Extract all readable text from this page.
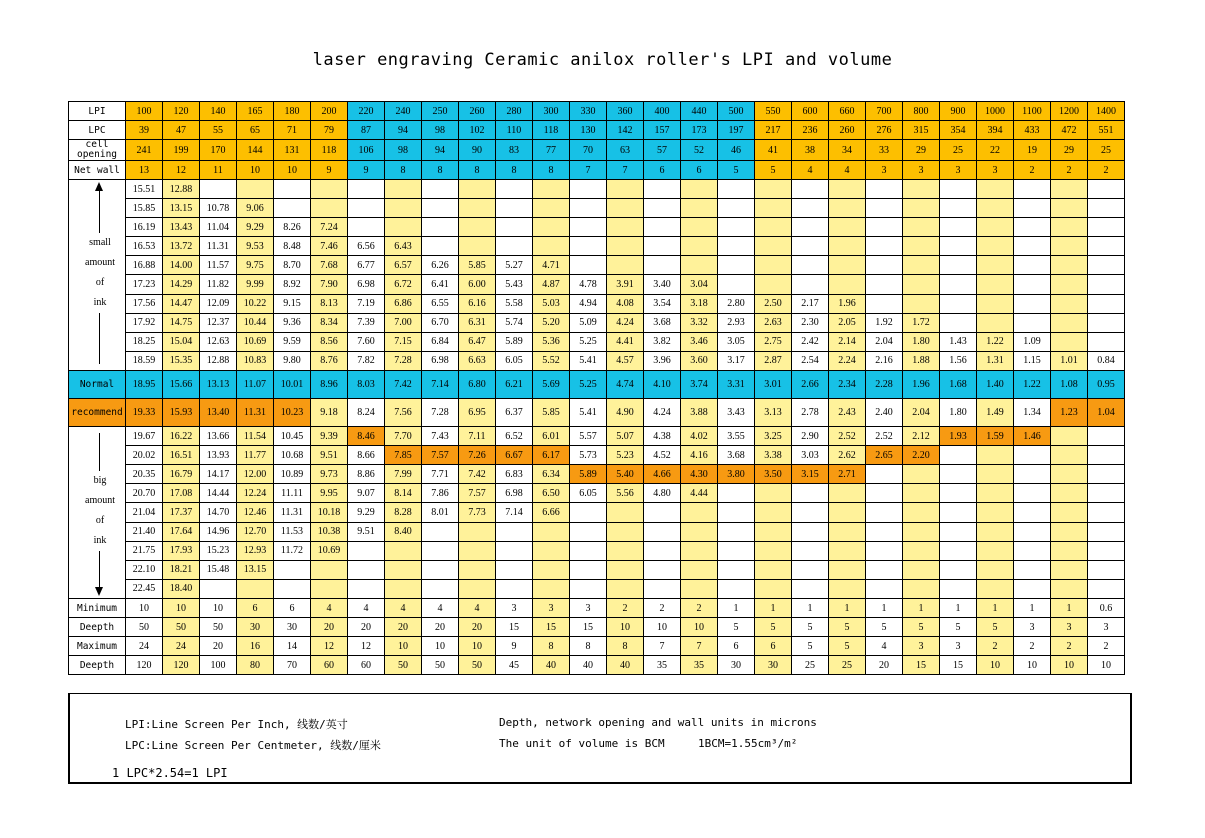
laser engraving Ceramic anilox roller's LPI and volume
LPI	100	120	140	165	180	200	220	240	250	260	280	300	330	360	400	440	500	550	600	660	700	800	900	1000	1100	1200	1400
LPC	39	47	55	65	71	79	87	94	98	102	110	118	130	142	157	173	197	217	236	260	276	315	354	394	433	472	551
cell opening	241	199	170	144	131	118	106	98	94	90	83	77	70	63	57	52	46	41	38	34	33	29	25	22	19	29	25
Net wall	13	12	11	10	10	9	9	8	8	8	8	8	7	7	6	6	5	5	4	4	3	3	3	3	2	2	2

small
amount
of
ink	15.51	12.88																									
	15.85	13.15	10.78	9.06																							
	16.19	13.43	11.04	9.29	8.26	7.24																					
	16.53	13.72	11.31	9.53	8.48	7.46	6.56	6.43																			
	16.88	14.00	11.57	9.75	8.70	7.68	6.77	6.57	6.26	5.85	5.27	4.71															
	17.23	14.29	11.82	9.99	8.92	7.90	6.98	6.72	6.41	6.00	5.43	4.87	4.78	3.91	3.40	3.04											
	17.56	14.47	12.09	10.22	9.15	8.13	7.19	6.86	6.55	6.16	5.58	5.03	4.94	4.08	3.54	3.18	2.80	2.50	2.17	1.96							
	17.92	14.75	12.37	10.44	9.36	8.34	7.39	7.00	6.70	6.31	5.74	5.20	5.09	4.24	3.68	3.32	2.93	2.63	2.30	2.05	1.92	1.72					
	18.25	15.04	12.63	10.69	9.59	8.56	7.60	7.15	6.84	6.47	5.89	5.36	5.25	4.41	3.82	3.46	3.05	2.75	2.42	2.14	2.04	1.80	1.43	1.22	1.09		
	18.59	15.35	12.88	10.83	9.80	8.76	7.82	7.28	6.98	6.63	6.05	5.52	5.41	4.57	3.96	3.60	3.17	2.87	2.54	2.24	2.16	1.88	1.56	1.31	1.15	1.01	0.84
Normal	18.95	15.66	13.13	11.07	10.01	8.96	8.03	7.42	7.14	6.80	6.21	5.69	5.25	4.74	4.10	3.74	3.31	3.01	2.66	2.34	2.28	1.96	1.68	1.40	1.22	1.08	0.95
recommend	19.33	15.93	13.40	11.31	10.23	9.18	8.24	7.56	7.28	6.95	6.37	5.85	5.41	4.90	4.24	3.88	3.43	3.13	2.78	2.43	2.40	2.04	1.80	1.49	1.34	1.23	1.04

big
amount
of
ink	19.67	16.22	13.66	11.54	10.45	9.39	8.46	7.70	7.43	7.11	6.52	6.01	5.57	5.07	4.38	4.02	3.55	3.25	2.90	2.52	2.52	2.12	1.93	1.59	1.46		
	20.02	16.51	13.93	11.77	10.68	9.51	8.66	7.85	7.57	7.26	6.67	6.17	5.73	5.23	4.52	4.16	3.68	3.38	3.03	2.62	2.65	2.20					
	20.35	16.79	14.17	12.00	10.89	9.73	8.86	7.99	7.71	7.42	6.83	6.34	5.89	5.40	4.66	4.30	3.80	3.50	3.15	2.71							
	20.70	17.08	14.44	12.24	11.11	9.95	9.07	8.14	7.86	7.57	6.98	6.50	6.05	5.56	4.80	4.44											
	21.04	17.37	14.70	12.46	11.31	10.18	9.29	8.28	8.01	7.73	7.14	6.66															
	21.40	17.64	14.96	12.70	11.53	10.38	9.51	8.40																			
	21.75	17.93	15.23	12.93	11.72	10.69																					
	22.10	18.21	15.48	13.15																							
	22.45	18.40																									
Minimum	10	10	10	6	6	4	4	4	4	4	3	3	3	2	2	2	1	1	1	1	1	1	1	1	1	1	0.6
Deepth	50	50	50	30	30	20	20	20	20	20	15	15	15	10	10	10	5	5	5	5	5	5	5	5	3	3	3
Maximum	24	24	20	16	14	12	12	10	10	10	9	8	8	8	7	7	6	6	5	5	4	3	3	2	2	2	2
Deepth	120	120	100	80	70	60	60	50	50	50	45	40	40	40	35	35	30	30	25	25	20	15	15	10	10	10	10
LPI:Line Screen Per Inch, 线数/英寸
LPC:Line Screen Per Centmeter, 线数/厘米
Depth, network opening and wall units in microns
The unit of volume is BCM	1BCM=1.55cm³/m²
1 LPC*2.54=1 LPI
